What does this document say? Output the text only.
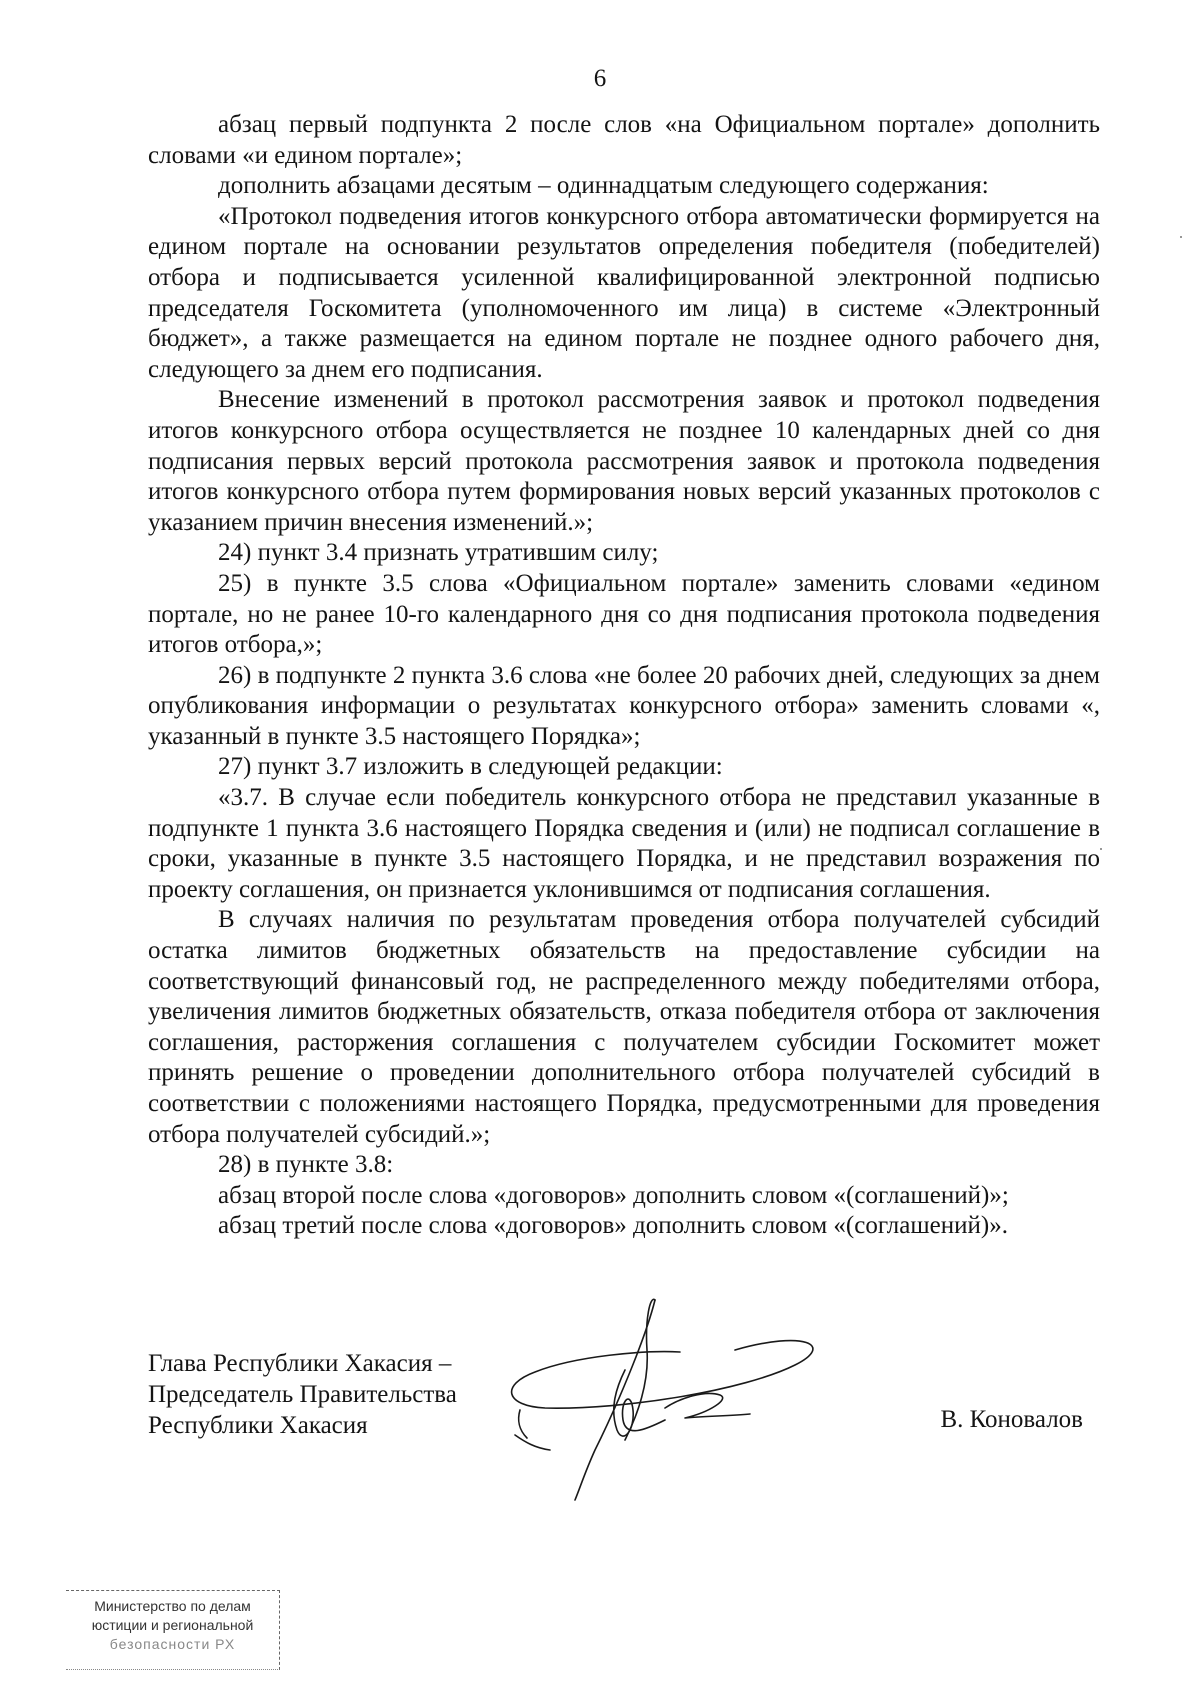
6

абзац первый подпункта 2 после слов «на Официальном портале» дополнить словами «и едином портале»;

дополнить абзацами десятым – одиннадцатым следующего содержания:

«Протокол подведения итогов конкурсного отбора автоматически формируется на едином портале на основании результатов определения победителя (победителей) отбора и подписывается усиленной квалифицированной электронной подписью председателя Госкомитета (уполномоченного им лица) в системе «Электронный бюджет», а также размещается на едином портале не позднее одного рабочего дня, следующего за днем его подписания.

Внесение изменений в протокол рассмотрения заявок и протокол подведения итогов конкурсного отбора осуществляется не позднее 10 календарных дней со дня подписания первых версий протокола рассмотрения заявок и протокола подведения итогов конкурсного отбора путем формирования новых версий указанных протоколов с указанием причин внесения изменений.»;

24) пункт 3.4 признать утратившим силу;

25) в пункте 3.5 слова «Официальном портале» заменить словами «едином портале, но не ранее 10-го календарного дня со дня подписания протокола подведения итогов отбора,»;

26) в подпункте 2 пункта 3.6 слова «не более 20 рабочих дней, следующих за днем опубликования информации о результатах конкурсного отбора» заменить словами «, указанный в пункте 3.5 настоящего Порядка»;

27) пункт 3.7 изложить в следующей редакции:

«3.7. В случае если победитель конкурсного отбора не представил указанные в подпункте 1 пункта 3.6 настоящего Порядка сведения и (или) не подписал соглашение в сроки, указанные в пункте 3.5 настоящего Порядка, и не представил возражения по проекту соглашения, он признается уклонившимся от подписания соглашения.

В случаях наличия по результатам проведения отбора получателей субсидий остатка лимитов бюджетных обязательств на предоставление субсидии на соответствующий финансовый год, не распределенного между победителями отбора, увеличения лимитов бюджетных обязательств, отказа победителя отбора от заключения соглашения, расторжения соглашения с получателем субсидии Госкомитет может принять решение о проведении дополнительного отбора получателей субсидий в соответствии с положениями настоящего Порядка, предусмотренными для проведения отбора получателей субсидий.»;

28) в пункте 3.8:

абзац второй после слова «договоров» дополнить словом «(соглашений)»;

абзац третий после слова «договоров» дополнить словом «(соглашений)».

Глава Республики Хакасия –
Председатель Правительства
Республики Хакасия	В. Коновалов
Министерство по делам
юстиции и региональной
безопасности РХ
